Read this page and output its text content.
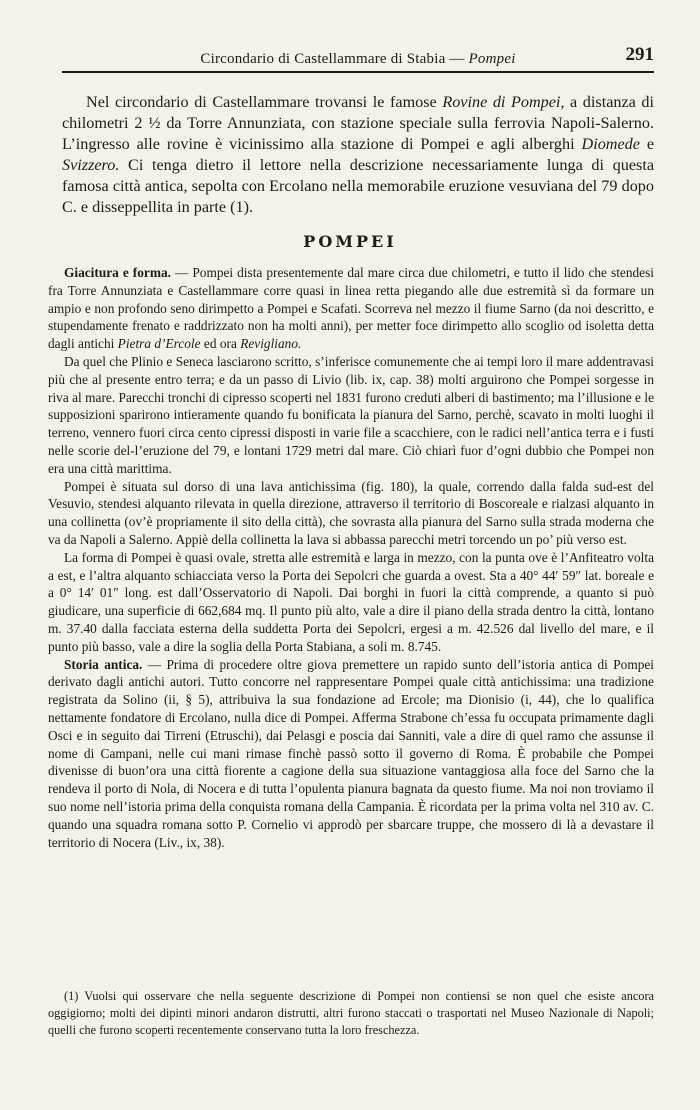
Circondario di Castellammare di Stabia — Pompei	291

Nel circondario di Castellammare trovansi le famose Rovine di Pompei, a distanza di chilometri 2 ½ da Torre Annunziata, con stazione speciale sulla ferrovia Napoli-Salerno. L’ingresso alle rovine è vicinissimo alla stazione di Pompei e agli alberghi Diomede e Svizzero. Ci tenga dietro il lettore nella descrizione necessariamente lunga di questa famosa città antica, sepolta con Ercolano nella memorabile eruzione vesuviana del 79 dopo C. e disseppellita in parte (1).

POMPEI

Giacitura e forma. — Pompei dista presentemente dal mare circa due chilometri, e tutto il lido che stendesi fra Torre Annunziata e Castellammare corre quasi in linea retta piegando alle due estremità sì da formare un ampio e non profondo seno dirimpetto a Pompei e Scafati. Scorreva nel mezzo il fiume Sarno (da noi descritto, e stupendamente frenato e raddrizzato non ha molti anni), per metter foce dirimpetto allo scoglio od isoletta detta dagli antichi Pietra d’Ercole ed ora Revigliano.

Da quel che Plinio e Seneca lasciarono scritto, s’inferisce comunemente che ai tempi loro il mare addentravasi più che al presente entro terra; e da un passo di Livio (lib. ix, cap. 38) molti arguirono che Pompei sorgesse in riva al mare. Parecchi tronchi di cipresso scoperti nel 1831 furono creduti alberi di bastimento; ma l’illusione e le supposizioni sparirono intieramente quando fu bonificata la pianura del Sarno, perchè, scavato in molti luoghi il terreno, vennero fuori circa cento cipressi disposti in varie file a scacchiere, con le radici nell’antica terra e i fusti nelle scorie del-l’eruzione del 79, e lontani 1729 metri dal mare. Ciò chiarì fuor d’ogni dubbio che Pompei non era una città marittima.

Pompei è situata sul dorso di una lava antichissima (fig. 180), la quale, correndo dalla falda sud-est del Vesuvio, stendesi alquanto rilevata in quella direzione, attraverso il territorio di Boscoreale e rialzasi alquanto in una collinetta (ov’è propriamente il sito della città), che sovrasta alla pianura del Sarno sulla strada moderna che va da Napoli a Salerno. Appiè della collinetta la lava si abbassa parecchi metri torcendo un po’ più verso est.

La forma di Pompei è quasi ovale, stretta alle estremità e larga in mezzo, con la punta ove è l’Anfiteatro volta a est, e l’altra alquanto schiacciata verso la Porta dei Sepolcri che guarda a ovest. Sta a 40° 44′ 59″ lat. boreale e a 0° 14′ 01″ long. est dall’Osservatorio di Napoli. Dai borghi in fuori la città comprende, a quanto si può giudicare, una superficie di 662,684 mq. Il punto più alto, vale a dire il piano della strada dentro la città, lontano m. 37.40 dalla facciata esterna della suddetta Porta dei Sepolcri, ergesi a m. 42.526 dal livello del mare, e il punto più basso, vale a dire la soglia della Porta Stabiana, a soli m. 8.745.

Storia antica. — Prima di procedere oltre giova premettere un rapido sunto dell’istoria antica di Pompei derivato dagli antichi autori. Tutto concorre nel rappresentare Pompei quale città antichissima: una tradizione registrata da Solino (ii, § 5), attribuiva la sua fondazione ad Ercole; ma Dionisio (i, 44), che lo qualifica nettamente fondatore di Ercolano, nulla dice di Pompei. Afferma Strabone ch’essa fu occupata primamente dagli Osci e in seguito dai Tirreni (Etruschi), dai Pelasgi e poscia dai Sanniti, vale a dire di quel ramo che assunse il nome di Campani, nelle cui mani rimase finchè passò sotto il governo di Roma. È probabile che Pompei divenisse di buon’ora una città fiorente a cagione della sua situazione vantaggiosa alla foce del Sarno che la rendeva il porto di Nola, di Nocera e di tutta l’opulenta pianura bagnata da questo fiume. Ma noi non troviamo il suo nome nell’istoria prima della conquista romana della Campania. È ricordata per la prima volta nel 310 av. C. quando una squadra romana sotto P. Cornelio vi approdò per sbarcare truppe, che mossero di là a devastare il territorio di Nocera (Liv., ix, 38).

(1) Vuolsi qui osservare che nella seguente descrizione di Pompei non contiensi se non quel che esiste ancora oggigiorno; molti dei dipinti minori andaron distrutti, altri furono staccati o trasportati nel Museo Nazionale di Napoli; quelli che furono scoperti recentemente conservano tutta la loro freschezza.
